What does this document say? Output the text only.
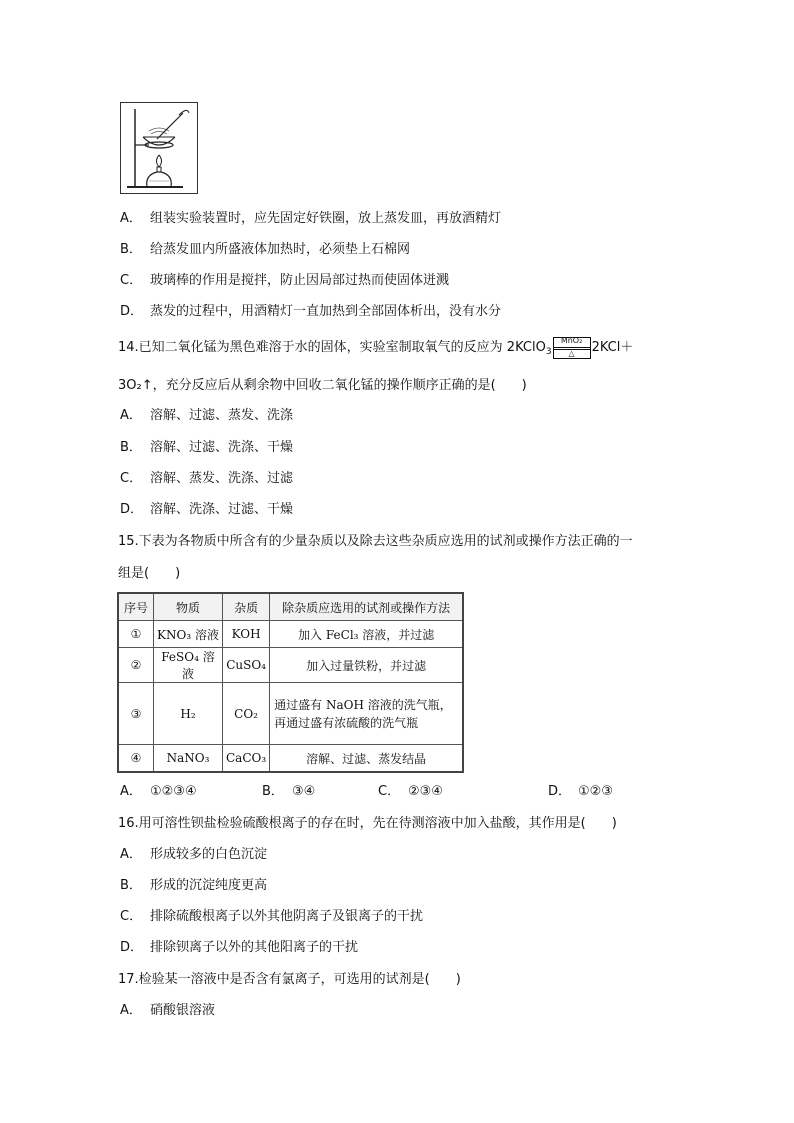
A． 组装实验装置时，应先固定好铁圈，放上蒸发皿，再放酒精灯
B． 给蒸发皿内所盛液体加热时，必须垫上石棉网
C． 玻璃棒的作用是搅拌，防止因局部过热而使固体迸溅
D． 蒸发的过程中，用酒精灯一直加热到全部固体析出，没有水分
14.已知二氧化锰为黑色难溶于水的固体，实验室制取氧气的反应为 2KClO$_3$
MnO₂
△	2KCl＋
3O₂↑，充分反应后从剩余物中回收二氧化锰的操作顺序正确的是(　　)
A． 溶解、过滤、蒸发、洗涤
B． 溶解、过滤、洗涤、干燥
C． 溶解、蒸发、洗涤、过滤
D． 溶解、洗涤、过滤、干燥
15.下表为各物质中所含有的少量杂质以及除去这些杂质应选用的试剂或操作方法正确的一
组是(　　)
序号	物质	杂质	除杂质应选用的试剂或操作方法
①	KNO₃ 溶液	KOH	加入 FeCl₃ 溶液，并过滤
②	FeSO₄ 溶液	CuSO₄	加入过量铁粉，并过滤
③	H₂	CO₂	通过盛有 NaOH 溶液的洗气瓶，再通过盛有浓硫酸的洗气瓶
④	NaNO₃	CaCO₃	溶解、过滤、蒸发结晶
A． ①②③④	B． ③④	C． ②③④	D． ①②③
16.用可溶性钡盐检验硫酸根离子的存在时，先在待测溶液中加入盐酸，其作用是(　　)
A． 形成较多的白色沉淀
B． 形成的沉淀纯度更高
C． 排除硫酸根离子以外其他阴离子及银离子的干扰
D． 排除钡离子以外的其他阳离子的干扰
17.检验某一溶液中是否含有氯离子，可选用的试剂是(　　)
A． 硝酸银溶液
